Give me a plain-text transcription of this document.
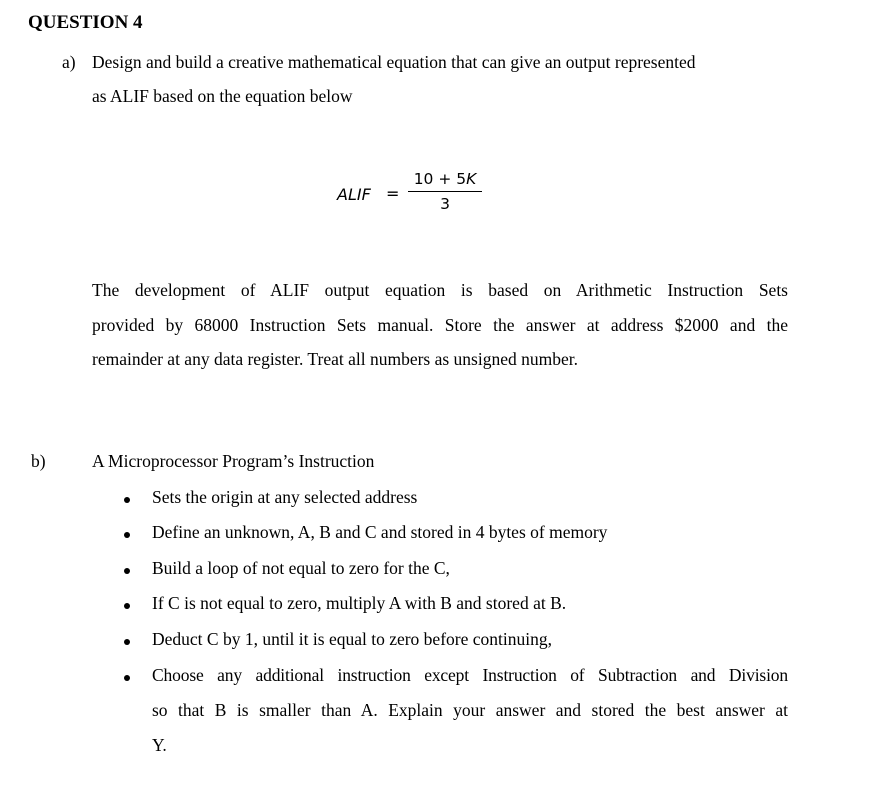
QUESTION 4
a) Design and build a creative mathematical equation that can give an output represented
as ALIF based on the equation below
ALIF =
10 + 5K
3
The development of ALIF output equation is based on Arithmetic Instruction Sets
provided by 68000 Instruction Sets manual. Store the answer at address $2000 and the
remainder at any data register. Treat all numbers as unsigned number.
b)	A Microprocessor Program’s Instruction
Sets the origin at any selected address
Define an unknown, A, B and C and stored in 4 bytes of memory
Build a loop of not equal to zero for the C,
If C is not equal to zero, multiply A with B and stored at B.
Deduct C by 1, until it is equal to zero before continuing,
Choose any additional instruction except Instruction of Subtraction and Division
so that B is smaller than A. Explain your answer and stored the best answer at
Y.
